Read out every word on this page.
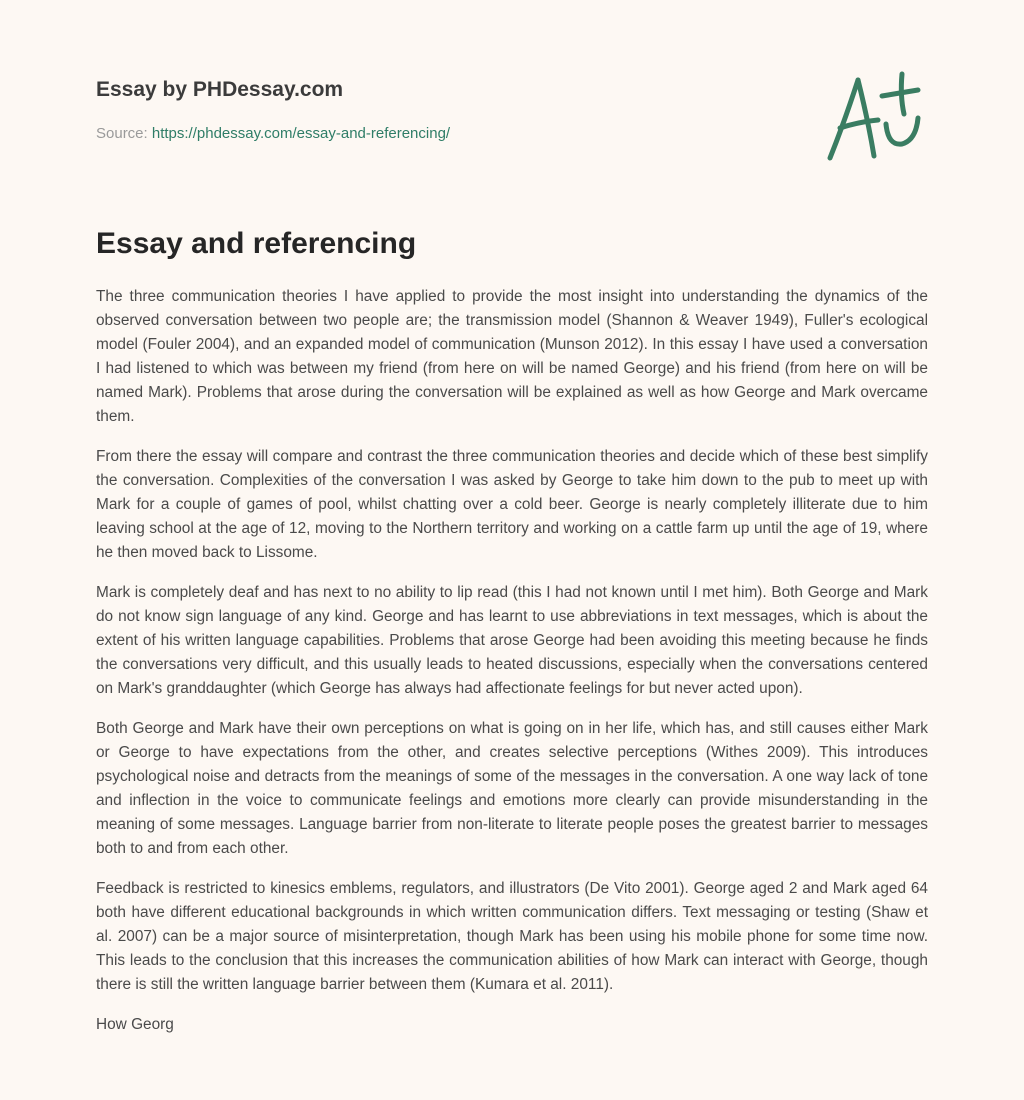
Essay by PHDessay.com
Source: https://phdessay.com/essay-and-referencing/
Essay and referencing

The three communication theories I have applied to provide the most insight into understanding the dynamics of the observed conversation between two people are; the transmission model (Shannon & Weaver 1949), Fuller's ecological model (Fouler 2004), and an expanded model of communication (Munson 2012). In this essay I have used a conversation I had listened to which was between my friend (from here on will be named George) and his friend (from here on will be named Mark). Problems that arose during the conversation will be explained as well as how George and Mark overcame them.

From there the essay will compare and contrast the three communication theories and decide which of these best simplify the conversation. Complexities of the conversation I was asked by George to take him down to the pub to meet up with Mark for a couple of games of pool, whilst chatting over a cold beer. George is nearly completely illiterate due to him leaving school at the age of 12, moving to the Northern territory and working on a cattle farm up until the age of 19, where he then moved back to Lissome.

Mark is completely deaf and has next to no ability to lip read (this I had not known until I met him). Both George and Mark do not know sign language of any kind. George and has learnt to use abbreviations in text messages, which is about the extent of his written language capabilities. Problems that arose George had been avoiding this meeting because he finds the conversations very difficult, and this usually leads to heated discussions, especially when the conversations centered on Mark's granddaughter (which George has always had affectionate feelings for but never acted upon).

Both George and Mark have their own perceptions on what is going on in her life, which has, and still causes either Mark or George to have expectations from the other, and creates selective perceptions (Withes 2009). This introduces psychological noise and detracts from the meanings of some of the messages in the conversation. A one way lack of tone and inflection in the voice to communicate feelings and emotions more clearly can provide misunderstanding in the meaning of some messages. Language barrier from non-literate to literate people poses the greatest barrier to messages both to and from each other.

Feedback is restricted to kinesics emblems, regulators, and illustrators (De Vito 2001). George aged 2 and Mark aged 64 both have different educational backgrounds in which written communication differs. Text messaging or testing (Shaw et al. 2007) can be a major source of misinterpretation, though Mark has been using his mobile phone for some time now. This leads to the conclusion that this increases the communication abilities of how Mark can interact with George, though there is still the written language barrier between them (Kumara et al. 2011).

How Georg
